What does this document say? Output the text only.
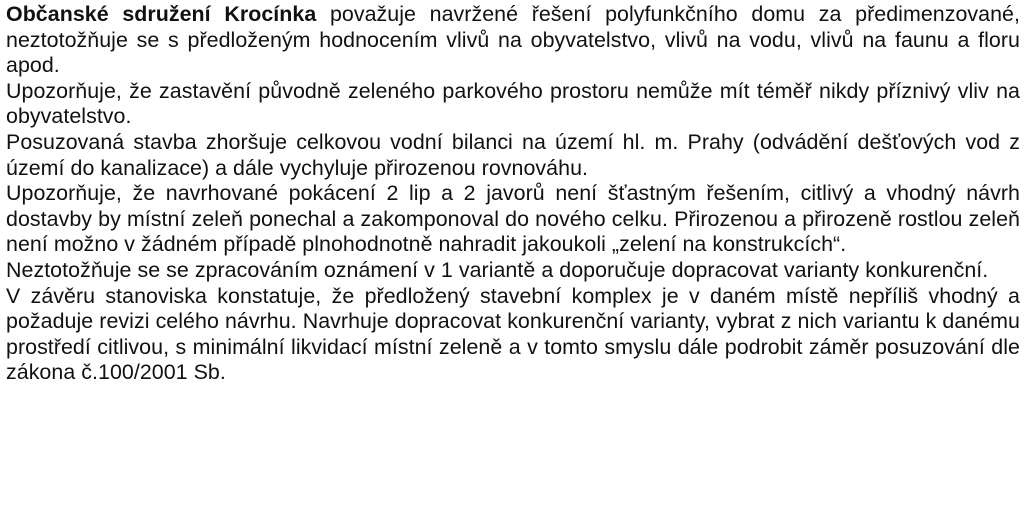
Občanské sdružení Krocínka považuje navržené řešení polyfunkčního domu za předimenzované, neztotožňuje se s předloženým hodnocením vlivů na obyvatelstvo, vlivů na vodu, vlivů na faunu a floru apod.

Upozorňuje, že zastavění původně zeleného parkového prostoru nemůže mít téměř nikdy příznivý vliv na obyvatelstvo.

Posuzovaná stavba zhoršuje celkovou vodní bilanci na území hl. m. Prahy (odvádění dešťových vod z území do kanalizace) a dále vychyluje přirozenou rovnováhu.

Upozorňuje, že navrhované pokácení 2 lip a 2 javorů není šťastným řešením, citlivý a vhodný návrh dostavby by místní zeleň ponechal a zakomponoval do nového celku. Přirozenou a přirozeně rostlou zeleň není možno v žádném případě plnohodnotně nahradit jakoukoli „zelení na konstrukcích“.

Neztotožňuje se se zpracováním oznámení v 1 variantě a doporučuje dopracovat varianty konkurenční.

V závěru stanoviska konstatuje, že předložený stavební komplex je v daném místě nepříliš vhodný a požaduje revizi celého návrhu. Navrhuje dopracovat konkurenční varianty, vybrat z nich variantu k danému prostředí citlivou, s minimální likvidací místní zeleně a v tomto smyslu dále podrobit záměr posuzování dle zákona č.100/2001 Sb.
